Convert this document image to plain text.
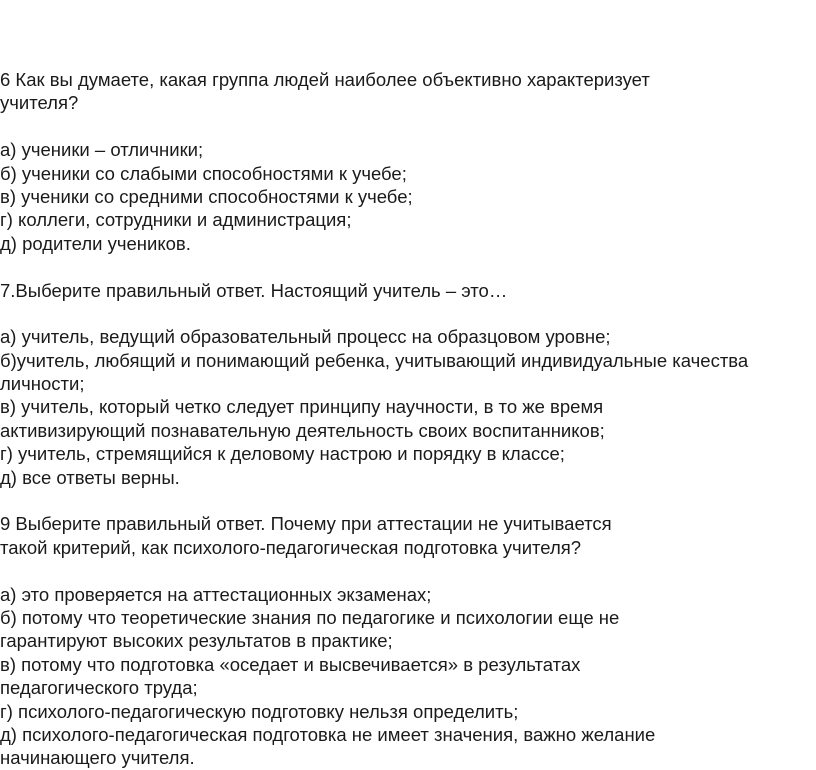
6 Как вы думаете, какая группа людей наиболее объективно характеризует
учителя?
а) ученики – отличники;
б) ученики со слабыми способностями к учебе;
в) ученики со средними способностями к учебе;
г) коллеги, сотрудники и администрация;
д) родители учеников.
7.Выберите правильный ответ. Настоящий учитель – это…
а) учитель, ведущий образовательный процесс на образцовом уровне;
б)учитель, любящий и понимающий ребенка, учитывающий индивидуальные качества
личности;
в) учитель, который четко следует принципу научности, в то же время
активизирующий познавательную деятельность своих воспитанников;
г) учитель, стремящийся к деловому настрою и порядку в классе;
д) все ответы верны.
9 Выберите правильный ответ. Почему при аттестации не учитывается
такой критерий, как психолого-педагогическая подготовка учителя?
а) это проверяется на аттестационных экзаменах;
б) потому что теоретические знания по педагогике и психологии еще не
гарантируют высоких результатов в практике;
в) потому что подготовка «оседает и высвечивается» в результатах
педагогического труда;
г) психолого-педагогическую подготовку нельзя определить;
д) психолого-педагогическая подготовка не имеет значения, важно желание
начинающего учителя.
